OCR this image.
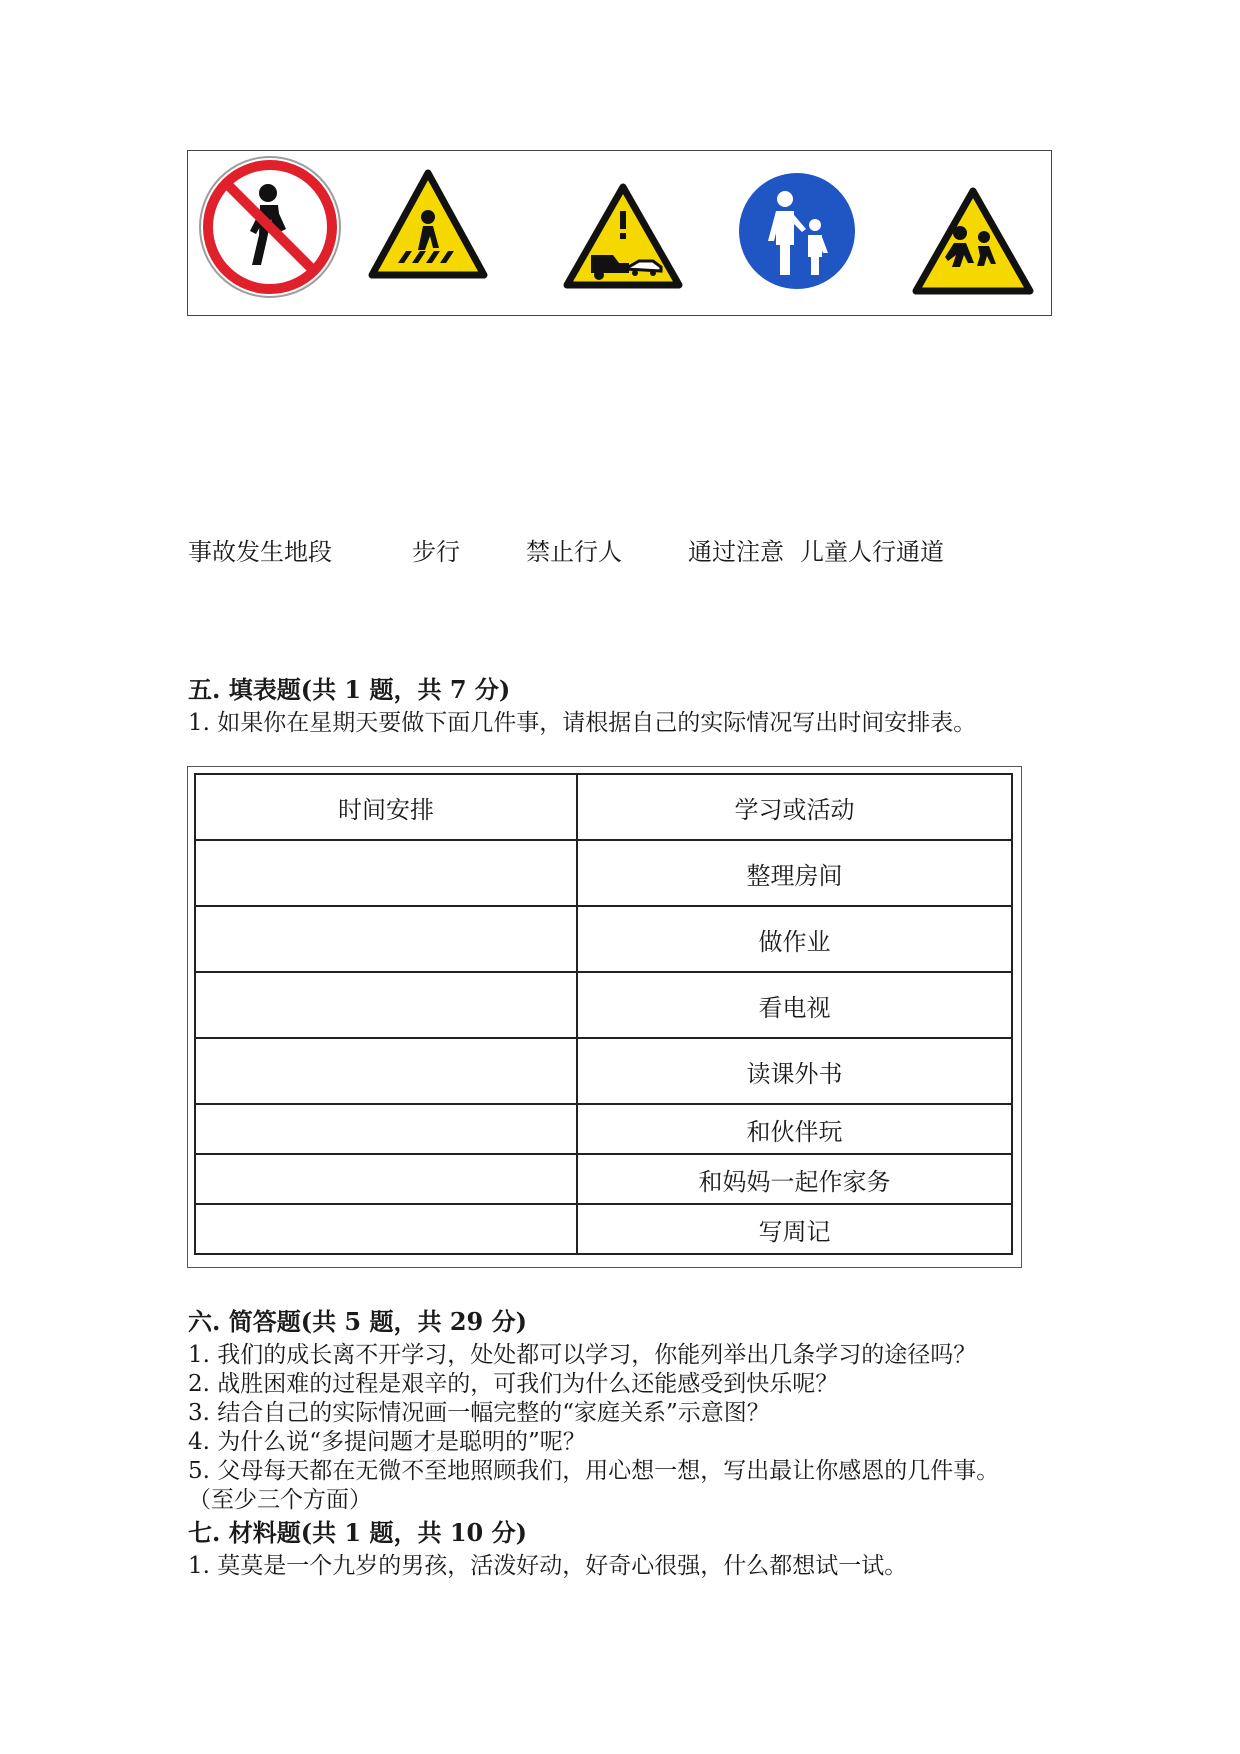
事故发生地段	步行	禁止行人	通过注意 儿童人行通道
五. 填表题(共 1 题，共 7 分)
1. 如果你在星期天要做下面几件事，请根据自己的实际情况写出时间安排表。
时间安排	学习或活动
	整理房间
	做作业
	看电视
	读课外书
	和伙伴玩
	和妈妈一起作家务
	写周记
六. 简答题(共 5 题，共 29 分)
1. 我们的成长离不开学习，处处都可以学习，你能列举出几条学习的途径吗？
2. 战胜困难的过程是艰辛的，可我们为什么还能感受到快乐呢？
3. 结合自己的实际情况画一幅完整的“家庭关系”示意图？
4. 为什么说“多提问题才是聪明的”呢？
5. 父母每天都在无微不至地照顾我们，用心想一想，写出最让你感恩的几件事。
（至少三个方面）
七. 材料题(共 1 题，共 10 分)
1. 莫莫是一个九岁的男孩，活泼好动，好奇心很强，什么都想试一试。
